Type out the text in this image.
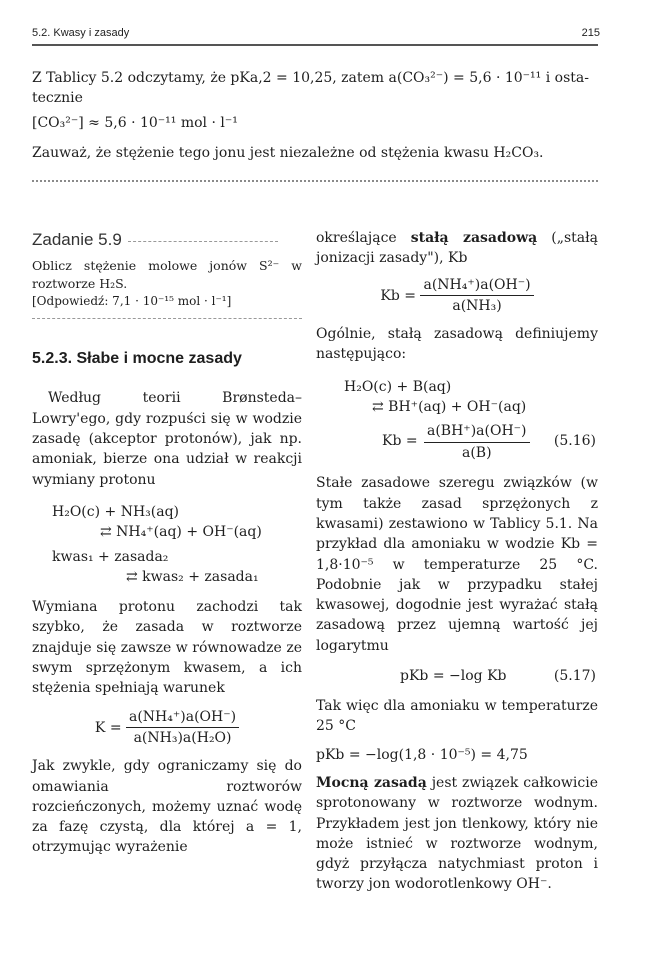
5.2. Kwasy i zasady	215

Z Tablicy 5.2 odczytamy, że pKa,2 = 10,25, zatem a(CO₃²⁻) = 5,6 · 10⁻¹¹ i osta-

tecznie

[CO₃²⁻] ≈ 5,6 · 10⁻¹¹ mol · l⁻¹

Zauważ, że stężenie tego jonu jest niezależne od stężenia kwasu H₂CO₃.

Zadanie 5.9

Oblicz stężenie molowe jonów S²⁻ w roztworze H₂S.

[Odpowiedź: 7,1 · 10⁻¹⁵ mol · l⁻¹]

5.2.3. Słabe i mocne zasady

Według teorii Brønsteda–Lowry'ego, gdy rozpuści się w wodzie zasadę (akceptor protonów), jak np. amoniak, bierze ona udział w reakcji wymiany protonu

H₂O(c) + NH₃(aq)
⇄ NH₄⁺(aq) + OH⁻(aq)
kwas₁ + zasada₂
⇄ kwas₂ + zasada₁

Wymiana protonu zachodzi tak szybko, że zasada w roztworze znajduje się zawsze w równowadze ze swym sprzężonym kwasem, a ich stężenia spełniają warunek

$K = \frac{\text{a(NH₄⁺)a(OH⁻)}}{\text{a(NH₃)a(H₂O)}}$

Jak zwykle, gdy ograniczamy się do omawiania roztworów rozcieńczonych, możemy uznać wodę za fazę czystą, dla której a = 1, otrzymując wyrażenie

określające stałą zasadową („stałą jonizacji zasady"), Kb

$Kb = \frac{\text{a(NH₄⁺)a(OH⁻)}}{\text{a(NH₃)}}$

Ogólnie, stałą zasadową definiujemy następująco:

H₂O(c) + B(aq)
⇄ BH⁺(aq) + OH⁻(aq)
$Kb = \frac{a(BH^+)a(OH^-)}{a(B)} (5.16)$

Stałe zasadowe szeregu związków (w tym także zasad sprzężonych z kwasami) zestawiono w Tablicy 5.1. Na przykład dla amoniaku w wodzie Kb = 1,8·10⁻⁵ w temperaturze 25 °C. Podobnie jak w przypadku stałej kwasowej, dogodnie jest wyrażać stałą zasadową przez ujemną wartość jej logarytmu

pKb = −log Kb	(5.17)

Tak więc dla amoniaku w temperaturze 25 °C

pKb = −log(1,8 · 10⁻⁵) = 4,75

Mocną zasadą jest związek całkowicie sprotonowany w roztworze wodnym. Przykładem jest jon tlenkowy, który nie może istnieć w roztworze wodnym, gdyż przyłącza natychmiast proton i tworzy jon wodorotlenkowy OH⁻.
